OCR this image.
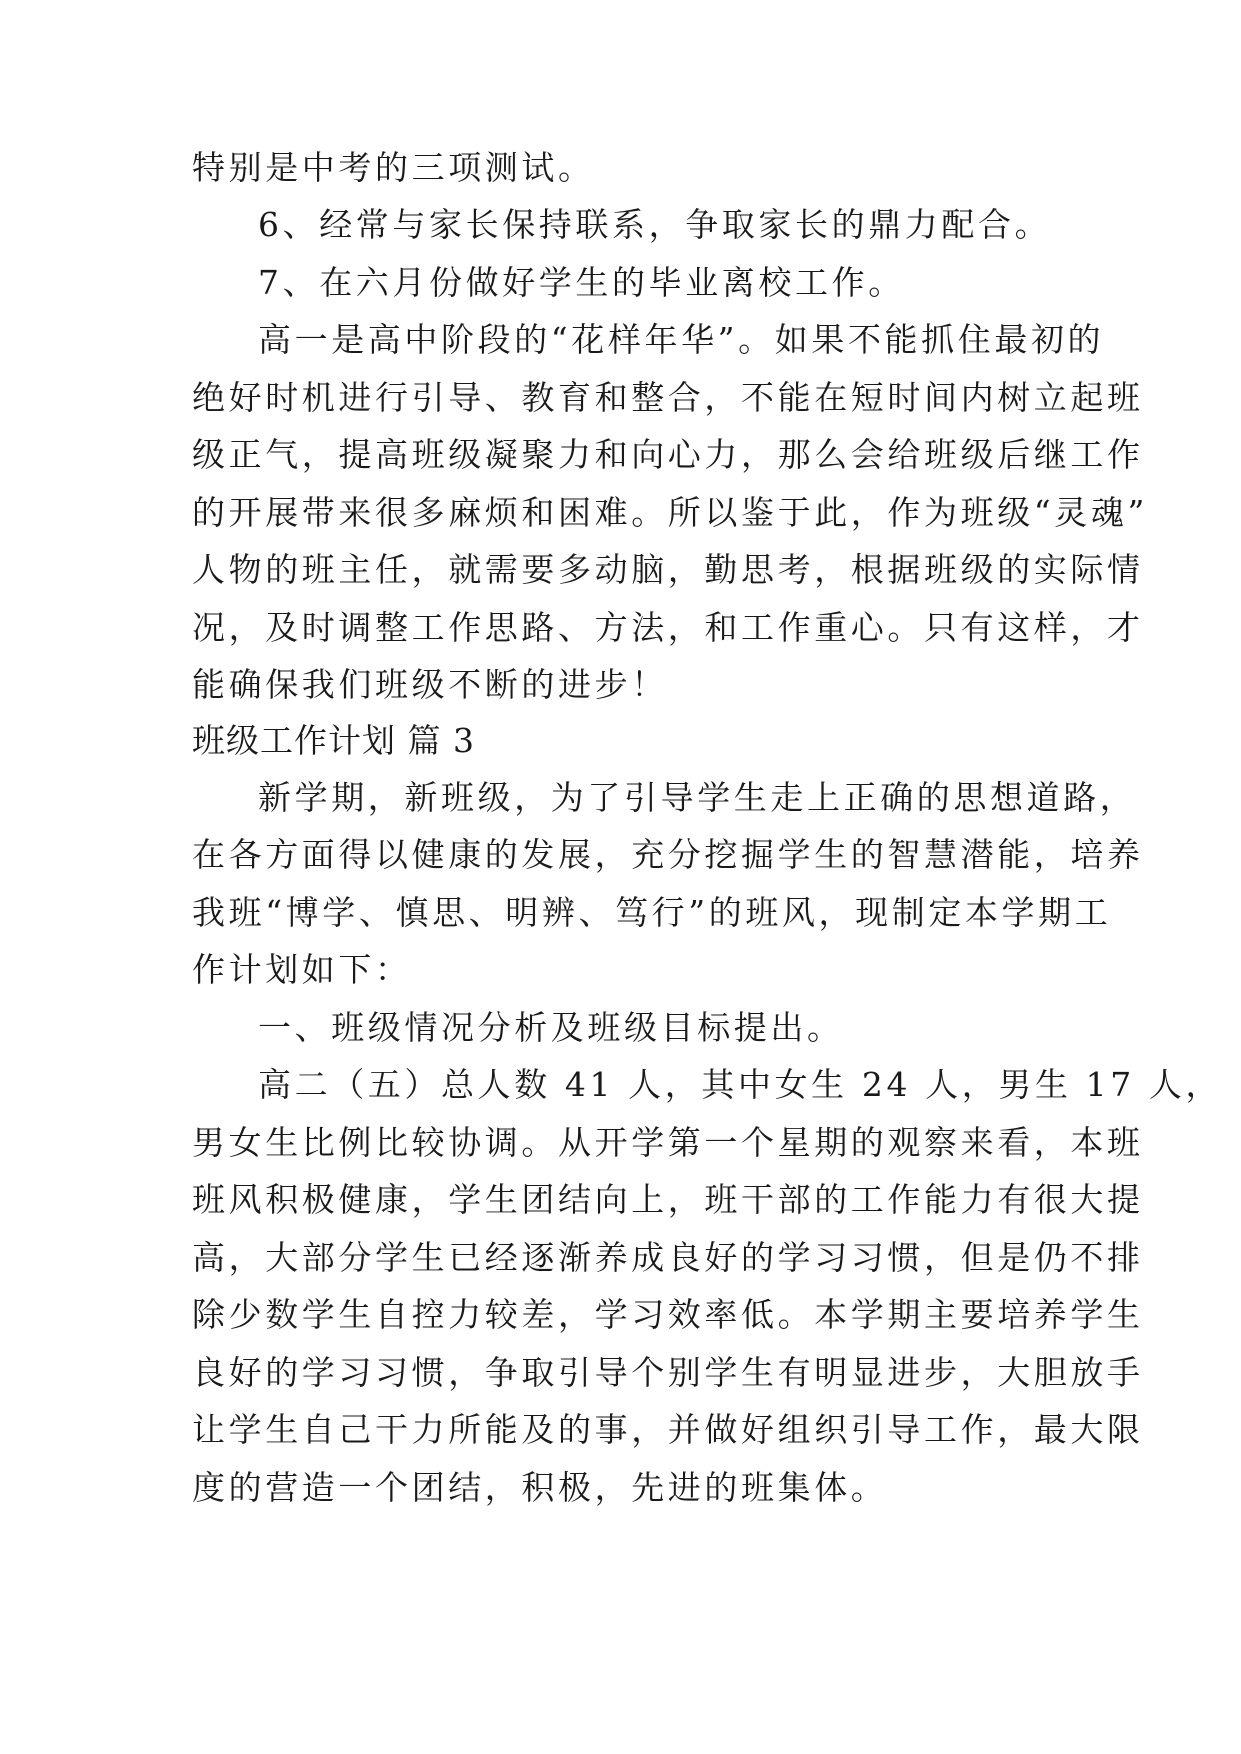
特别是中考的三项测试。
6、经常与家长保持联系，争取家长的鼎力配合。
7、在六月份做好学生的毕业离校工作。
高一是高中阶段的“花样年华”。如果不能抓住最初的
绝好时机进行引导、教育和整合，不能在短时间内树立起班
级正气，提高班级凝聚力和向心力，那么会给班级后继工作
的开展带来很多麻烦和困难。所以鉴于此，作为班级“灵魂”
人物的班主任，就需要多动脑，勤思考，根据班级的实际情
况，及时调整工作思路、方法，和工作重心。只有这样，才
能确保我们班级不断的进步！
班级工作计划 篇 3
新学期，新班级，为了引导学生走上正确的思想道路，
在各方面得以健康的发展，充分挖掘学生的智慧潜能，培养
我班“博学、慎思、明辨、笃行”的班风，现制定本学期工
作计划如下：
一、班级情况分析及班级目标提出。
高二（五）总人数 41 人，其中女生 24 人，男生 17 人，
男女生比例比较协调。从开学第一个星期的观察来看，本班
班风积极健康，学生团结向上，班干部的工作能力有很大提
高，大部分学生已经逐渐养成良好的学习习惯，但是仍不排
除少数学生自控力较差，学习效率低。本学期主要培养学生
良好的学习习惯，争取引导个别学生有明显进步，大胆放手
让学生自己干力所能及的事，并做好组织引导工作，最大限
度的营造一个团结，积极，先进的班集体。
